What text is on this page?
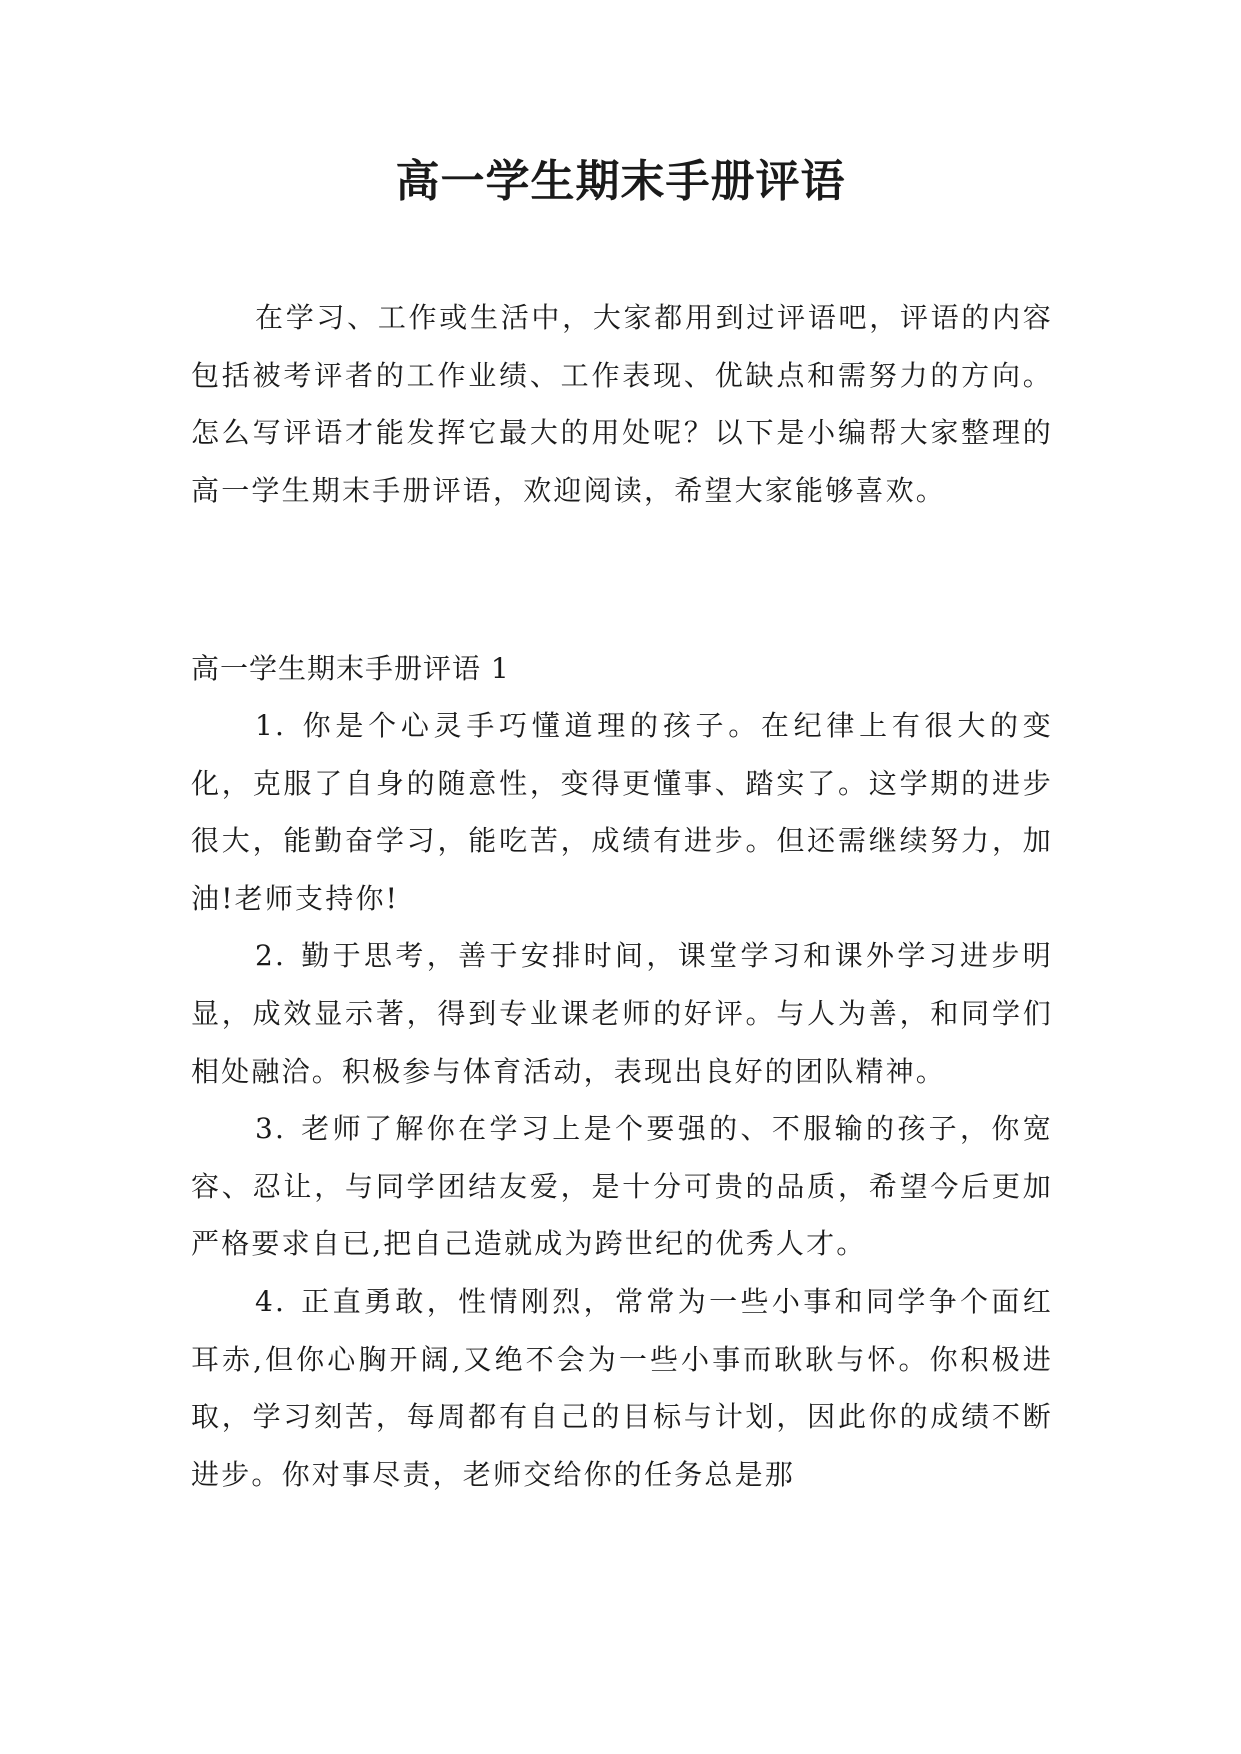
高一学生期末手册评语

在学习、工作或生活中，大家都用到过评语吧，评语的内容包括被考评者的工作业绩、工作表现、优缺点和需努力的方向。怎么写评语才能发挥它最大的用处呢？以下是小编帮大家整理的高一学生期末手册评语，欢迎阅读，希望大家能够喜欢。

高一学生期末手册评语 1

1. 你是个心灵手巧懂道理的孩子。在纪律上有很大的变化，克服了自身的随意性，变得更懂事、踏实了。这学期的进步很大，能勤奋学习，能吃苦，成绩有进步。但还需继续努力，加油!老师支持你!
2. 勤于思考，善于安排时间，课堂学习和课外学习进步明显，成效显示著，得到专业课老师的好评。与人为善，和同学们相处融洽。积极参与体育活动，表现出良好的团队精神。
3. 老师了解你在学习上是个要强的、不服输的孩子，你宽容、忍让，与同学团结友爱，是十分可贵的品质，希望今后更加严格要求自已,把自己造就成为跨世纪的优秀人才。
4. 正直勇敢，性情刚烈，常常为一些小事和同学争个面红耳赤,但你心胸开阔,又绝不会为一些小事而耿耿与怀。你积极进取，学习刻苦，每周都有自己的目标与计划，因此你的成绩不断进步。你对事尽责，老师交给你的任务总是那
